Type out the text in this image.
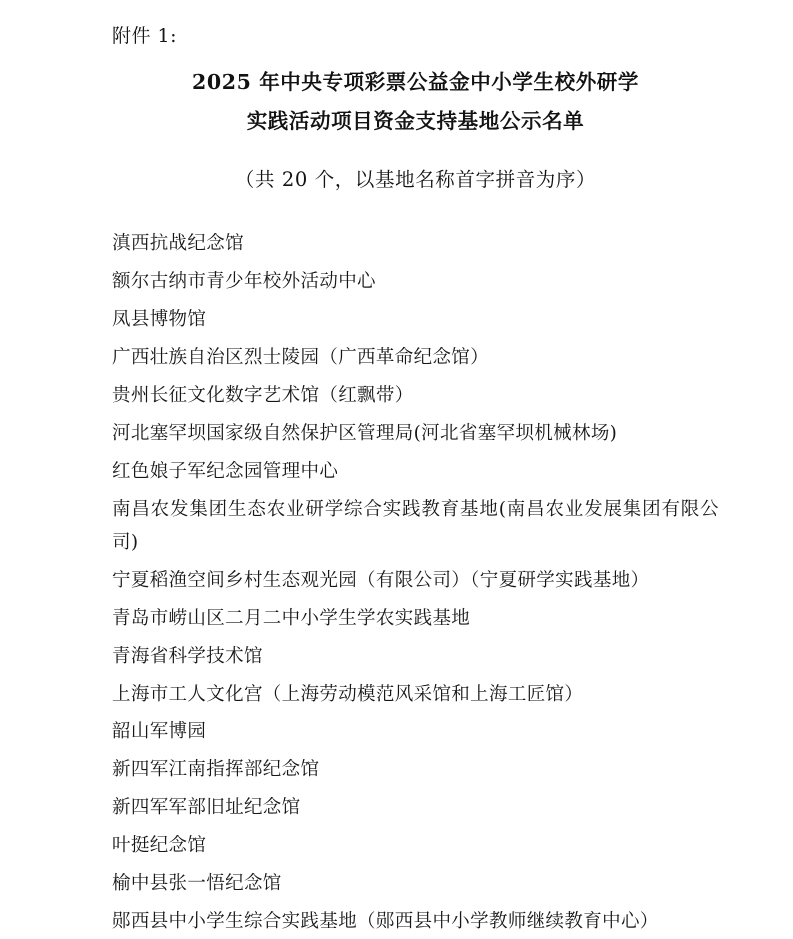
附件 1:

2025 年中央专项彩票公益金中小学生校外研学
实践活动项目资金支持基地公示名单

（共 20 个，以基地名称首字拼音为序）

滇西抗战纪念馆
额尔古纳市青少年校外活动中心
凤县博物馆
广西壮族自治区烈士陵园（广西革命纪念馆）
贵州长征文化数字艺术馆（红飘带）
河北塞罕坝国家级自然保护区管理局(河北省塞罕坝机械林场)
红色娘子军纪念园管理中心
南昌农发集团生态农业研学综合实践教育基地(南昌农业发展集团有限公司)
宁夏稻渔空间乡村生态观光园（有限公司）（宁夏研学实践基地）
青岛市崂山区二月二中小学生学农实践基地
青海省科学技术馆
上海市工人文化宫（上海劳动模范风采馆和上海工匠馆）
韶山军博园
新四军江南指挥部纪念馆
新四军军部旧址纪念馆
叶挺纪念馆
榆中县张一悟纪念馆
郧西县中小学生综合实践基地（郧西县中小学教师继续教育中心）
